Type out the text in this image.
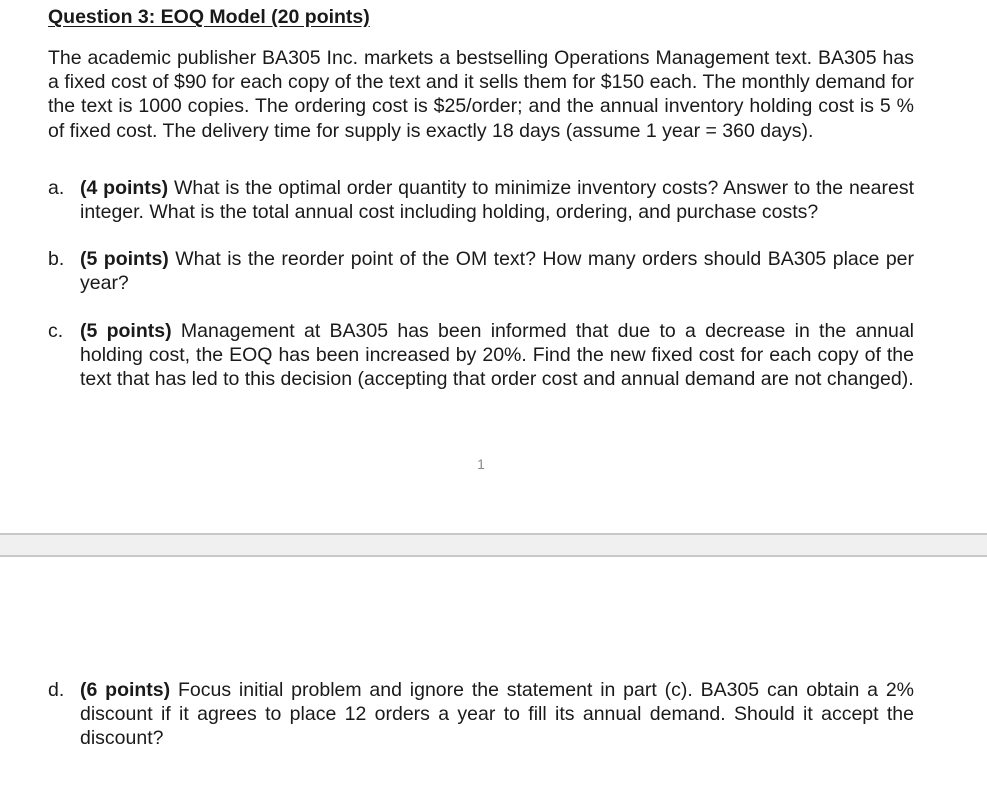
Question 3: EOQ Model (20 points)
The academic publisher BA305 Inc. markets a bestselling Operations Management text. BA305 has a fixed cost of $90 for each copy of the text and it sells them for $150 each. The monthly demand for the text is 1000 copies. The ordering cost is $25/order; and the annual inventory holding cost is 5 % of fixed cost. The delivery time for supply is exactly 18 days (assume 1 year = 360 days).
a. (4 points) What is the optimal order quantity to minimize inventory costs? Answer to the nearest integer. What is the total annual cost including holding, ordering, and purchase costs?
b. (5 points) What is the reorder point of the OM text? How many orders should BA305 place per year?
c. (5 points) Management at BA305 has been informed that due to a decrease in the annual holding cost, the EOQ has been increased by 20%. Find the new fixed cost for each copy of the text that has led to this decision (accepting that order cost and annual demand are not changed).
1
d. (6 points) Focus initial problem and ignore the statement in part (c). BA305 can obtain a 2% discount if it agrees to place 12 orders a year to fill its annual demand. Should it accept the discount?
